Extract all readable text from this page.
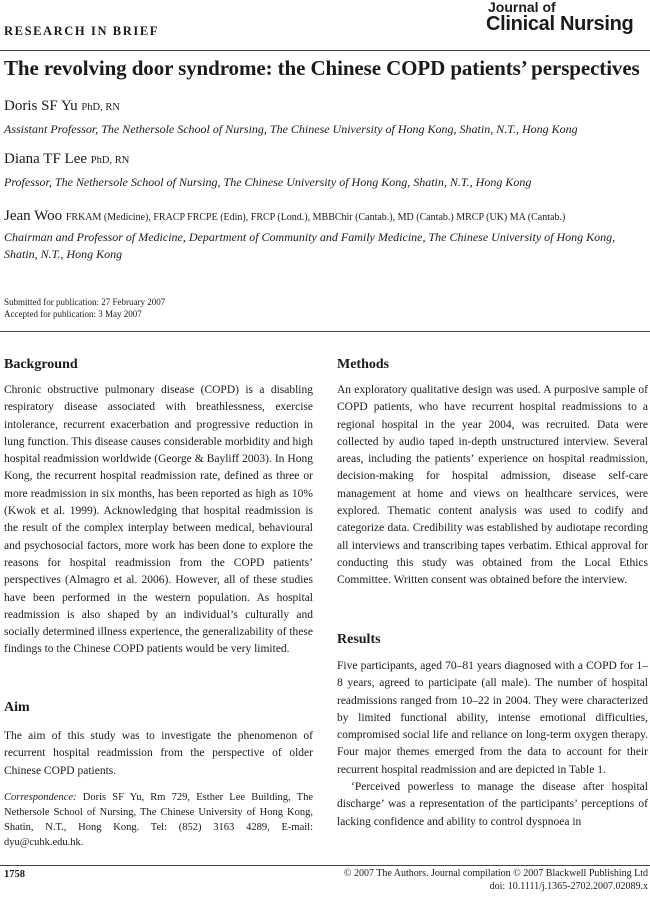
RESEARCH IN BRIEF
Journal of
Clinical Nursing
The revolving door syndrome: the Chinese COPD patients’ perspectives
Doris SF Yu PhD, RN
Assistant Professor, The Nethersole School of Nursing, The Chinese University of Hong Kong, Shatin, N.T., Hong Kong
Diana TF Lee PhD, RN
Professor, The Nethersole School of Nursing, The Chinese University of Hong Kong, Shatin, N.T., Hong Kong
Jean Woo FRKAM (Medicine), FRACP FRCPE (Edin), FRCP (Lond.), MBBChir (Cantab.), MD (Cantab.) MRCP (UK) MA (Cantab.)
Chairman and Professor of Medicine, Department of Community and Family Medicine, The Chinese University of Hong Kong, Shatin, N.T., Hong Kong
Submitted for publication: 27 February 2007
Accepted for publication: 3 May 2007
Background

Chronic obstructive pulmonary disease (COPD) is a disabling respiratory disease associated with breathlessness, exercise intolerance, recurrent exacerbation and progressive reduction in lung function. This disease causes considerable morbidity and high hospital readmission worldwide (George & Bayliff 2003). In Hong Kong, the recurrent hospital readmission rate, defined as three or more readmission in six months, has been reported as high as 10% (Kwok et al. 1999). Acknowledging that hospital readmission is the result of the complex interplay between medical, behavioural and psychosocial factors, more work has been done to explore the reasons for hospital readmission from the COPD patients’ perspectives (Almagro et al. 2006). However, all of these studies have been performed in the western population. As hospital readmission is also shaped by an individual’s culturally and socially determined illness experience, the generalizability of these findings to the Chinese COPD patients would be very limited.

Aim

The aim of this study was to investigate the phenomenon of recurrent hospital readmission from the perspective of older Chinese COPD patients.

Correspondence: Doris SF Yu, Rm 729, Esther Lee Building, The Nethersole School of Nursing, The Chinese University of Hong Kong, Shatin, N.T., Hong Kong. Tel: (852) 3163 4289, E-mail: dyu@cuhk.edu.hk.
Methods

An exploratory qualitative design was used. A purposive sample of COPD patients, who have recurrent hospital readmissions to a regional hospital in the year 2004, was recruited. Data were collected by audio taped in-depth unstructured interview. Several areas, including the patients’ experience on hospital readmission, decision-making for hospital admission, disease self-care management at home and views on healthcare services, were explored. Thematic content analysis was used to codify and categorize data. Credibility was established by audiotape recording all interviews and transcribing tapes verbatim. Ethical approval for conducting this study was obtained from the Local Ethics Committee. Written consent was obtained before the interview.

Results

Five participants, aged 70–81 years diagnosed with a COPD for 1–8 years, agreed to participate (all male). The number of hospital readmissions ranged from 10–22 in 2004. They were characterized by limited functional ability, intense emotional difficulties, compromised social life and reliance on long-term oxygen therapy. Four major themes emerged from the data to account for their recurrent hospital readmission and are depicted in Table 1.

‘Perceived powerless to manage the disease after hospital discharge’ was a representation of the participants’ perceptions of lacking confidence and ability to control dyspnoea in

1758	© 2007 The Authors. Journal compilation © 2007 Blackwell Publishing Ltd
doi: 10.1111/j.1365-2702.2007.02089.x
